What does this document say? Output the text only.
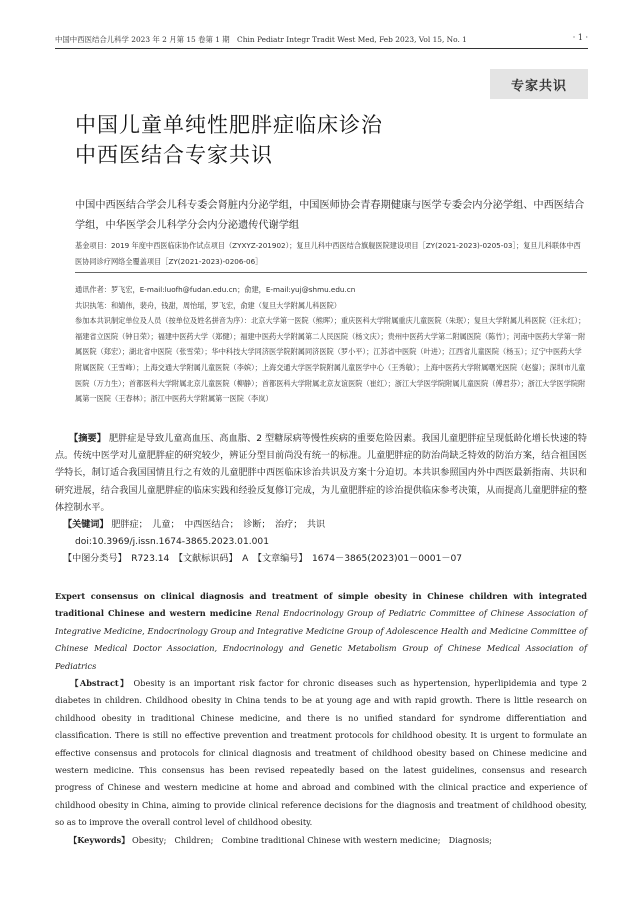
中国中西医结合儿科学 2023 年 2 月第 15 卷第 1 期　Chin Pediatr Integr Tradit West Med, Feb 2023, Vol 15, No. 1	· 1 ·
专家共识
中国儿童单纯性肥胖症临床诊治
中西医结合专家共识
中国中西医结合学会儿科专委会肾脏内分泌学组，中国医师协会青春期健康与医学专委会内分泌学组、中西医结合学组，中华医学会儿科学分会内分泌遗传代谢学组
基金项目：2019 年度中西医临床协作试点项目（ZYXYZ-201902）；复旦儿科中西医结合旗舰医院建设项目［ZY(2021-2023)-0205-03］；复旦儿科联体中西医协同诊疗网络全覆盖项目［ZY(2021-2023)-0206-06］
通讯作者：罗飞宏，E-mail:luofh@fudan.edu.cn；俞建，E-mail:yuj@shmu.edu.cn
共识执笔：和婧伟，裴舟，钱甜，周怡瑶，罗飞宏，俞建（复旦大学附属儿科医院）
参加本共识制定单位及人员（按单位及姓名拼音为序）：北京大学第一医院（熊晖）；重庆医科大学附属重庆儿童医院（朱珉）；复旦大学附属儿科医院（汪永红）；福建省立医院（钟日荣）；福建中医药大学（郑健）；福建中医药大学附属第二人民医院（杨文庆）；贵州中医药大学第二附属医院（陈竹）；河南中医药大学第一附属医院（郑宏）；湖北省中医院（张雪荣）；华中科技大学同济医学院附属同济医院（罗小平）；江苏省中医院（叶进）；江西省儿童医院（杨玉）；辽宁中医药大学附属医院（王雪峰）；上海交通大学附属儿童医院（李嫔）；上海交通大学医学院附属儿童医学中心（王秀敏）；上海中医药大学附属曙光医院（赵鋆）；深圳市儿童医院（万力生）；首都医科大学附属北京儿童医院（柳静）；首都医科大学附属北京友谊医院（崔红）；浙江大学医学院附属儿童医院（傅君芬）；浙江大学医学院附属第一医院（王春林）；浙江中医药大学附属第一医院（李岚）
【摘要】 肥胖症是导致儿童高血压、高血脂、2 型糖尿病等慢性疾病的重要危险因素。我国儿童肥胖症呈现低龄化增长快速的特点。传统中医学对儿童肥胖症的研究较少，辨证分型目前尚没有统一的标准。儿童肥胖症的防治尚缺乏特效的防治方案，结合祖国医学特长，制订适合我国国情且行之有效的儿童肥胖中西医临床诊治共识及方案十分迫切。本共识参照国内外中西医最新指南、共识和研究进展，结合我国儿童肥胖症的临床实践和经验反复修订完成，为儿童肥胖症的诊治提供临床参考决策，从而提高儿童肥胖症的整体控制水平。
【关键词】 肥胖症；　儿童；　中西医结合；　诊断；　治疗；　共识
doi:10.3969/j.issn.1674-3865.2023.01.001
【中图分类号】　R723.14　【文献标识码】　A　【文章编号】　1674－3865(2023)01－0001－07
Expert consensus on clinical diagnosis and treatment of simple obesity in Chinese children with integrated traditional Chinese and western medicine Renal Endocrinology Group of Pediatric Committee of Chinese Association of Integrative Medicine, Endocrinology Group and Integrative Medicine Group of Adolescence Health and Medicine Committee of Chinese Medical Doctor Association, Endocrinology and Genetic Metabolism Group of Chinese Medical Association of Pediatrics
【Abstract】 Obesity is an important risk factor for chronic diseases such as hypertension, hyperlipidemia and type 2 diabetes in children. Childhood obesity in China tends to be at young age and with rapid growth. There is little research on childhood obesity in traditional Chinese medicine, and there is no unified standard for syndrome differentiation and classification. There is still no effective prevention and treatment protocols for childhood obesity. It is urgent to formulate an effective consensus and protocols for clinical diagnosis and treatment of childhood obesity based on Chinese medicine and western medicine. This consensus has been revised repeatedly based on the latest guidelines, consensus and research progress of Chinese and western medicine at home and abroad and combined with the clinical practice and experience of childhood obesity in China, aiming to provide clinical reference decisions for the diagnosis and treatment of childhood obesity, so as to improve the overall control level of childhood obesity.
【Keywords】 Obesity;　Children;　Combine traditional Chinese with western medicine;　Diagnosis;
